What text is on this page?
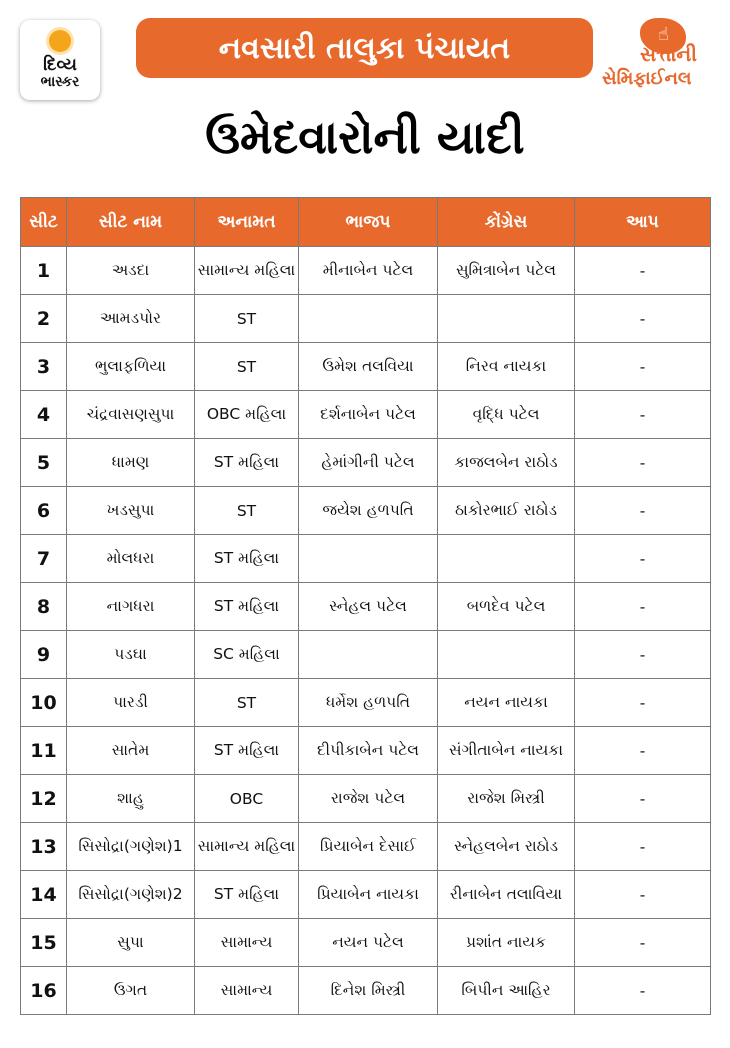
દિવ્ય
ભાસ્કર
નવસારી તાલુકા પંચાયત	☝
સત્તાની
સેમિફાઈનલ
ઉમેદવારોની યાદી
સીટ	સીટ નામ	અનામત	ભાજપ	કોંગ્રેસ	આપ
1	અડદા	સામાન્ય મહિલા	મીનાબેન પટેલ	સુમિત્રાબેન પટેલ	-
2	આમડપોર	ST			-
3	ભુલાફળિયા	ST	ઉમેશ તલવિયા	નિરવ નાયકા	-
4	ચંદ્રવાસણસુપા	OBC મહિલા	દર્શનાબેન પટેલ	વૃદ્ધિ પટેલ	-
5	ધામણ	ST મહિલા	હેમાંગીની પટેલ	કાજલબેન રાઠોડ	-
6	ખડસુપા	ST	જયેશ હળપતિ	ઠાકોરભાઈ રાઠોડ	-
7	મોલધરા	ST મહિલા			-
8	નાગધરા	ST મહિલા	સ્નેહલ પટેલ	બળદેવ પટેલ	-
9	પડઘા	SC મહિલા			-
10	પારડી	ST	ધર્મેશ હળપતિ	નયન નાયકા	-
11	સાતેમ	ST મહિલા	દીપીકાબેન પટેલ	સંગીતાબેન નાયકા	-
12	શાહુ	OBC	રાજેશ પટેલ	રાજેશ મિસ્ત્રી	-
13	સિસોદ્રા(ગણેશ)1	સામાન્ય મહિલા	પ્રિયાબેન દેસાઈ	સ્નેહલબેન રાઠોડ	-
14	સિસોદ્રા(ગણેશ)2	ST મહિલા	પ્રિયાબેન નાયકા	રીનાબેન તલાવિયા	-
15	સુપા	સામાન્ય	નયન પટેલ	પ્રશાંત નાયક	-
16	ઉગત	સામાન્ય	દિનેશ મિસ્ત્રી	બિપીન આહિર	-
